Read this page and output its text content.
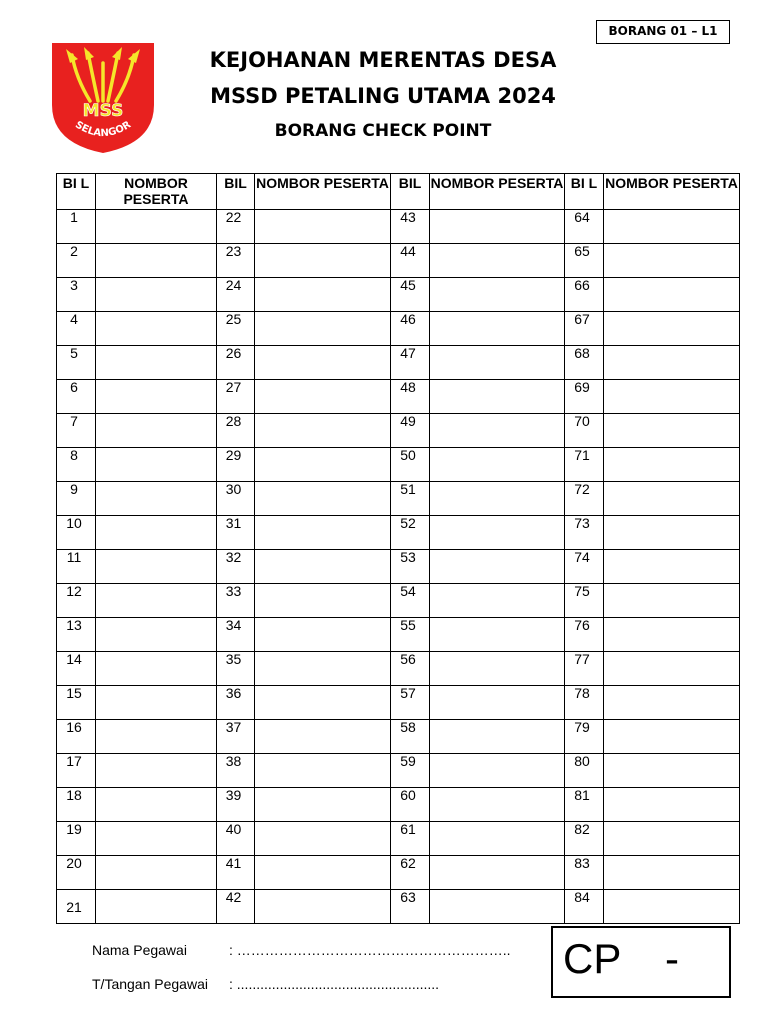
BORANG 01 – L1
MSS
SELANGOR
KEJOHANAN MERENTAS DESA
MSSD PETALING UTAMA 2024
BORANG CHECK POINT
BI L	NOMBOR PESERTA	BIL	NOMBOR PESERTA	BIL	NOMBOR PESERTA	BI L	NOMBOR PESERTA

1		22		43		64	

2		23		44		65	

3		24		45		66	

4		25		46		67	

5		26		47		68	

6		27		48		69	

7		28		49		70	

8		29		50		71	

9		30		51		72	

10		31		52		73	

11		32		53		74	

12		33		54		75	

13		34		55		76	

14		35		56		77	

15		36		57		78	

16		37		58		79	

17		38		59		80	

18		39		60		81	

19		40		61		82	

20		41		62		83	

21		42		63		84	

Nama Pegawai	: …………………………………………………..
T/Tangan Pegawai : ....................................................
CP -
